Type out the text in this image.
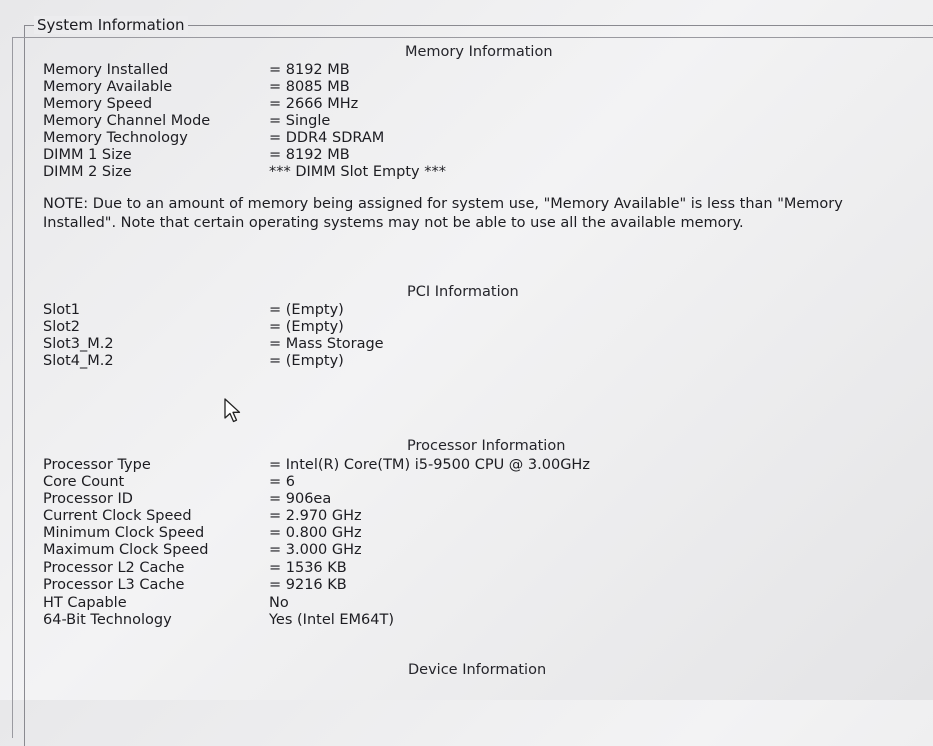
System Information
Memory Information
Memory Installed	= 8192 MB
Memory Available	= 8085 MB
Memory Speed	= 2666 MHz
Memory Channel Mode	= Single
Memory Technology	= DDR4 SDRAM
DIMM 1 Size	= 8192 MB
DIMM 2 Size	*** DIMM Slot Empty ***
NOTE: Due to an amount of memory being assigned for system use, "Memory Available" is less than "Memory Installed". Note that certain operating systems may not be able to use all the available memory.
PCI Information
Slot1	= (Empty)
Slot2	= (Empty)
Slot3_M.2	= Mass Storage
Slot4_M.2	= (Empty)
Processor Information
Processor Type	= Intel(R) Core(TM) i5-9500 CPU @ 3.00GHz
Core Count	= 6
Processor ID	= 906ea
Current Clock Speed	= 2.970 GHz
Minimum Clock Speed	= 0.800 GHz
Maximum Clock Speed	= 3.000 GHz
Processor L2 Cache	= 1536 KB
Processor L3 Cache	= 9216 KB
HT Capable	No
64-Bit Technology	Yes (Intel EM64T)
Device Information
